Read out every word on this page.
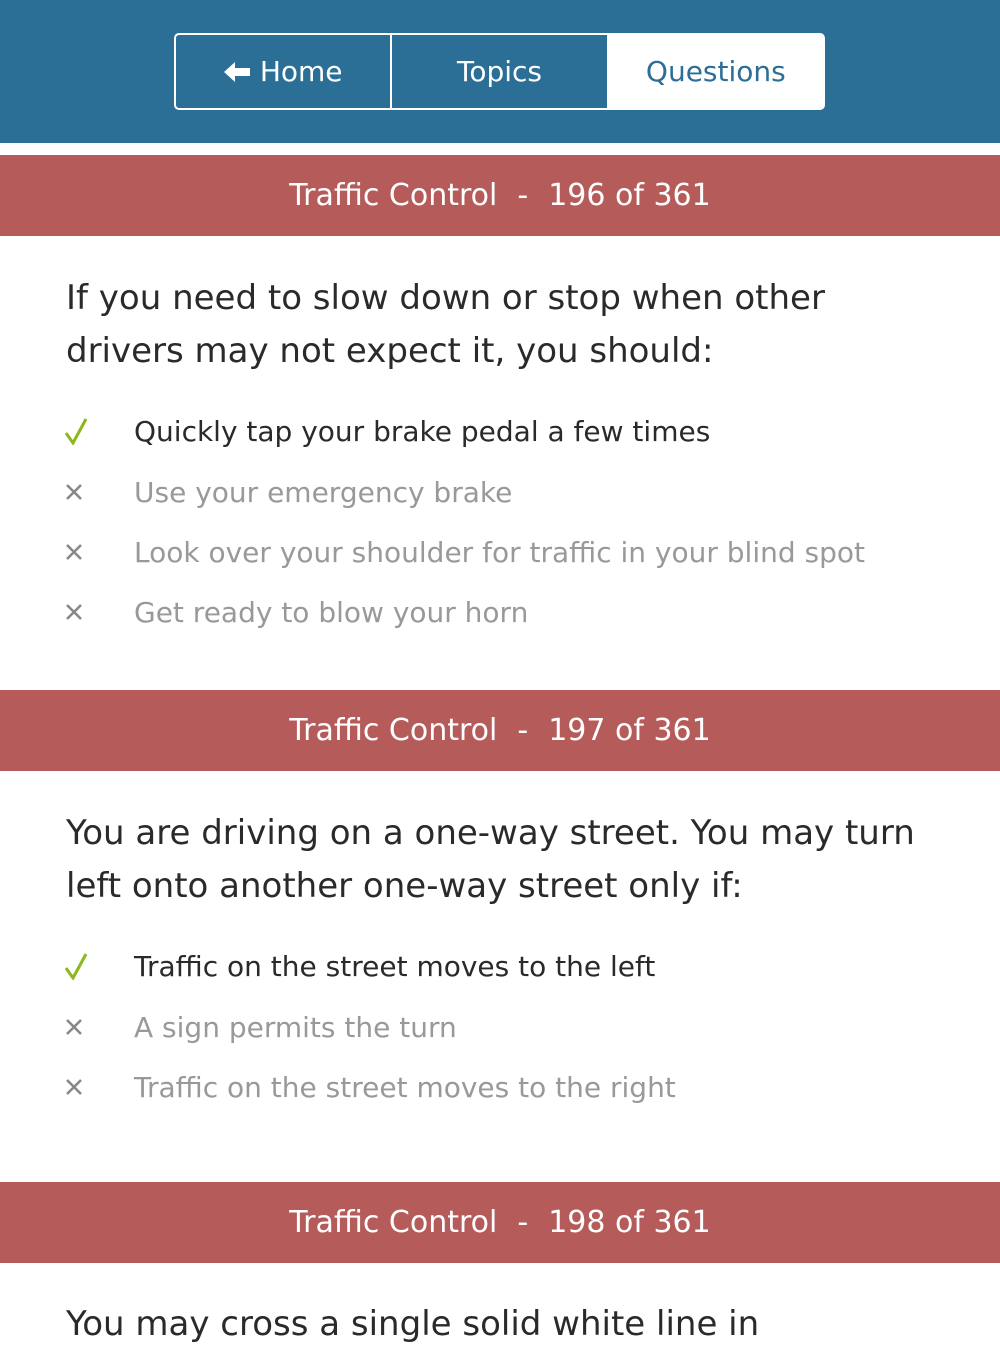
Home	Topics	Questions
Traffic Control - 196 of 361
If you need to slow down or stop when other drivers may not expect it, you should:
Quickly tap your brake pedal a few times
Use your emergency brake
Look over your shoulder for traffic in your blind spot
Get ready to blow your horn
Traffic Control - 197 of 361
You are driving on a one-way street. You may turn left onto another one-way street only if:
Traffic on the street moves to the left
A sign permits the turn
Traffic on the street moves to the right
Traffic Control - 198 of 361
You may cross a single solid white line in
